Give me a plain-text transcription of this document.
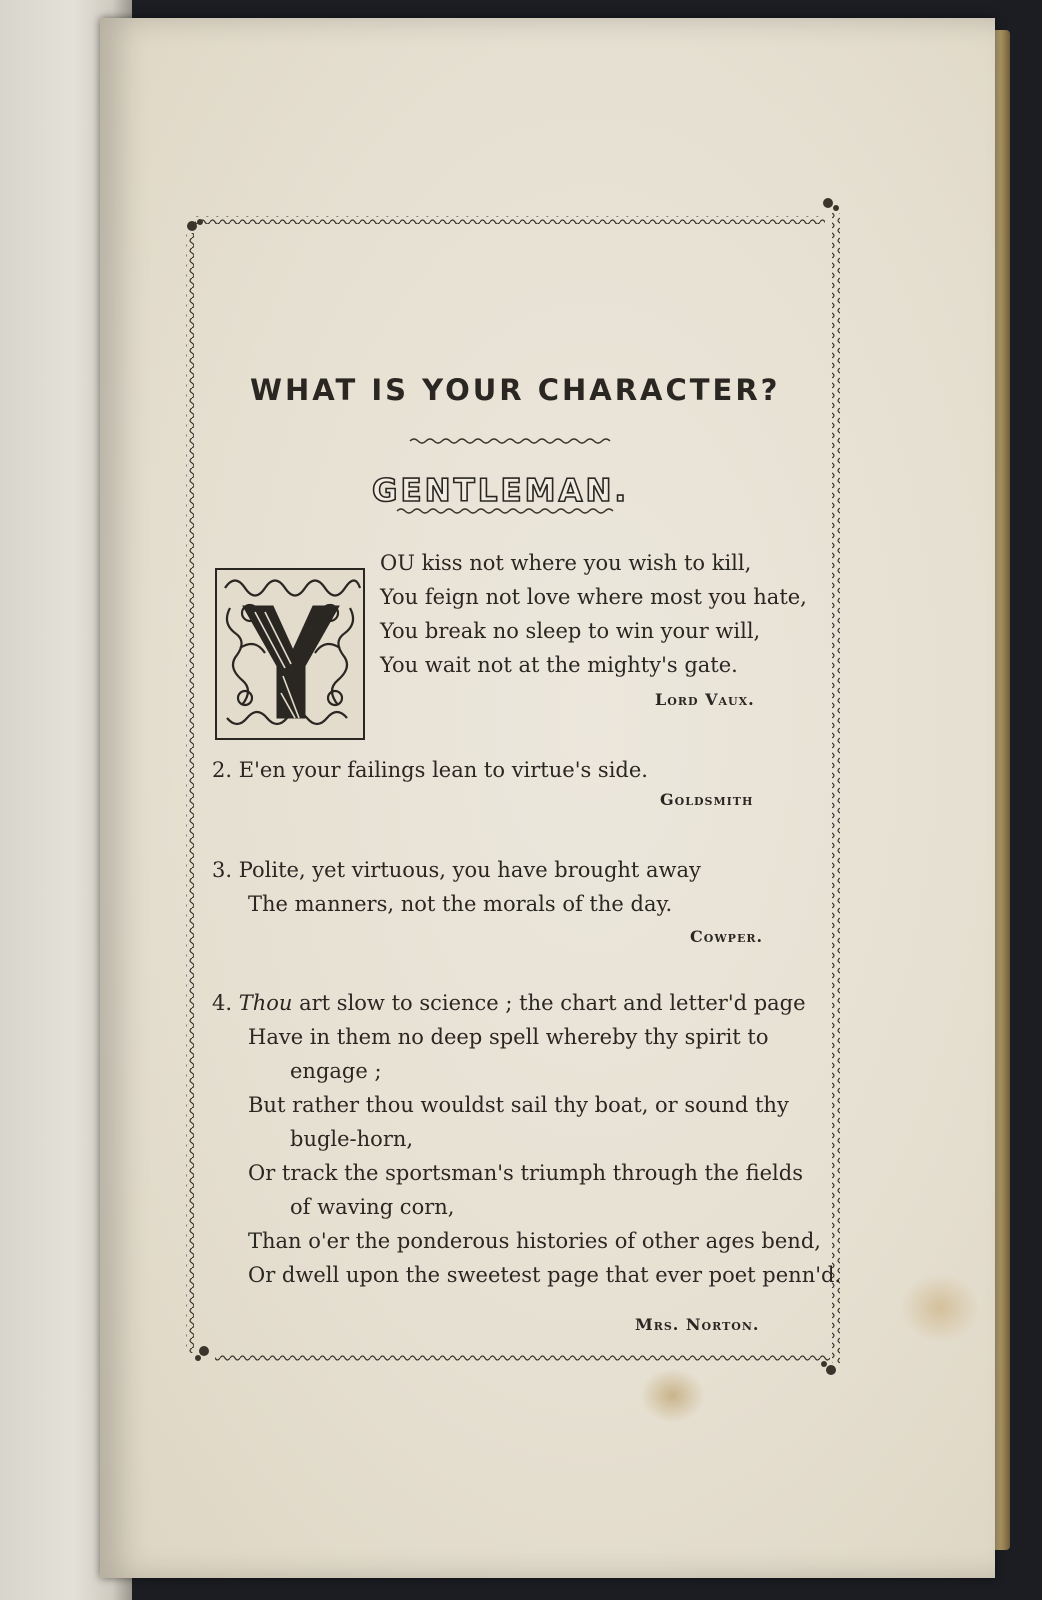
WHAT IS YOUR CHARACTER?
GENTLEMAN.
OU kiss not where you wish to kill,
You feign not love where most you hate,
You break no sleep to win your will,
You wait not at the mighty's gate.
Lord Vaux.
2. E'en your failings lean to virtue's side.
Goldsmith
3. Polite, yet virtuous, you have brought away
The manners, not the morals of the day.
Cowper.
4. Thou art slow to science ; the chart and letter'd page
Have in them no deep spell whereby thy spirit to
engage ;
But rather thou wouldst sail thy boat, or sound thy
bugle-horn,
Or track the sportsman's triumph through the fields
of waving corn,
Than o'er the ponderous histories of other ages bend,
Or dwell upon the sweetest page that ever poet penn'd.
Mrs. Norton.
